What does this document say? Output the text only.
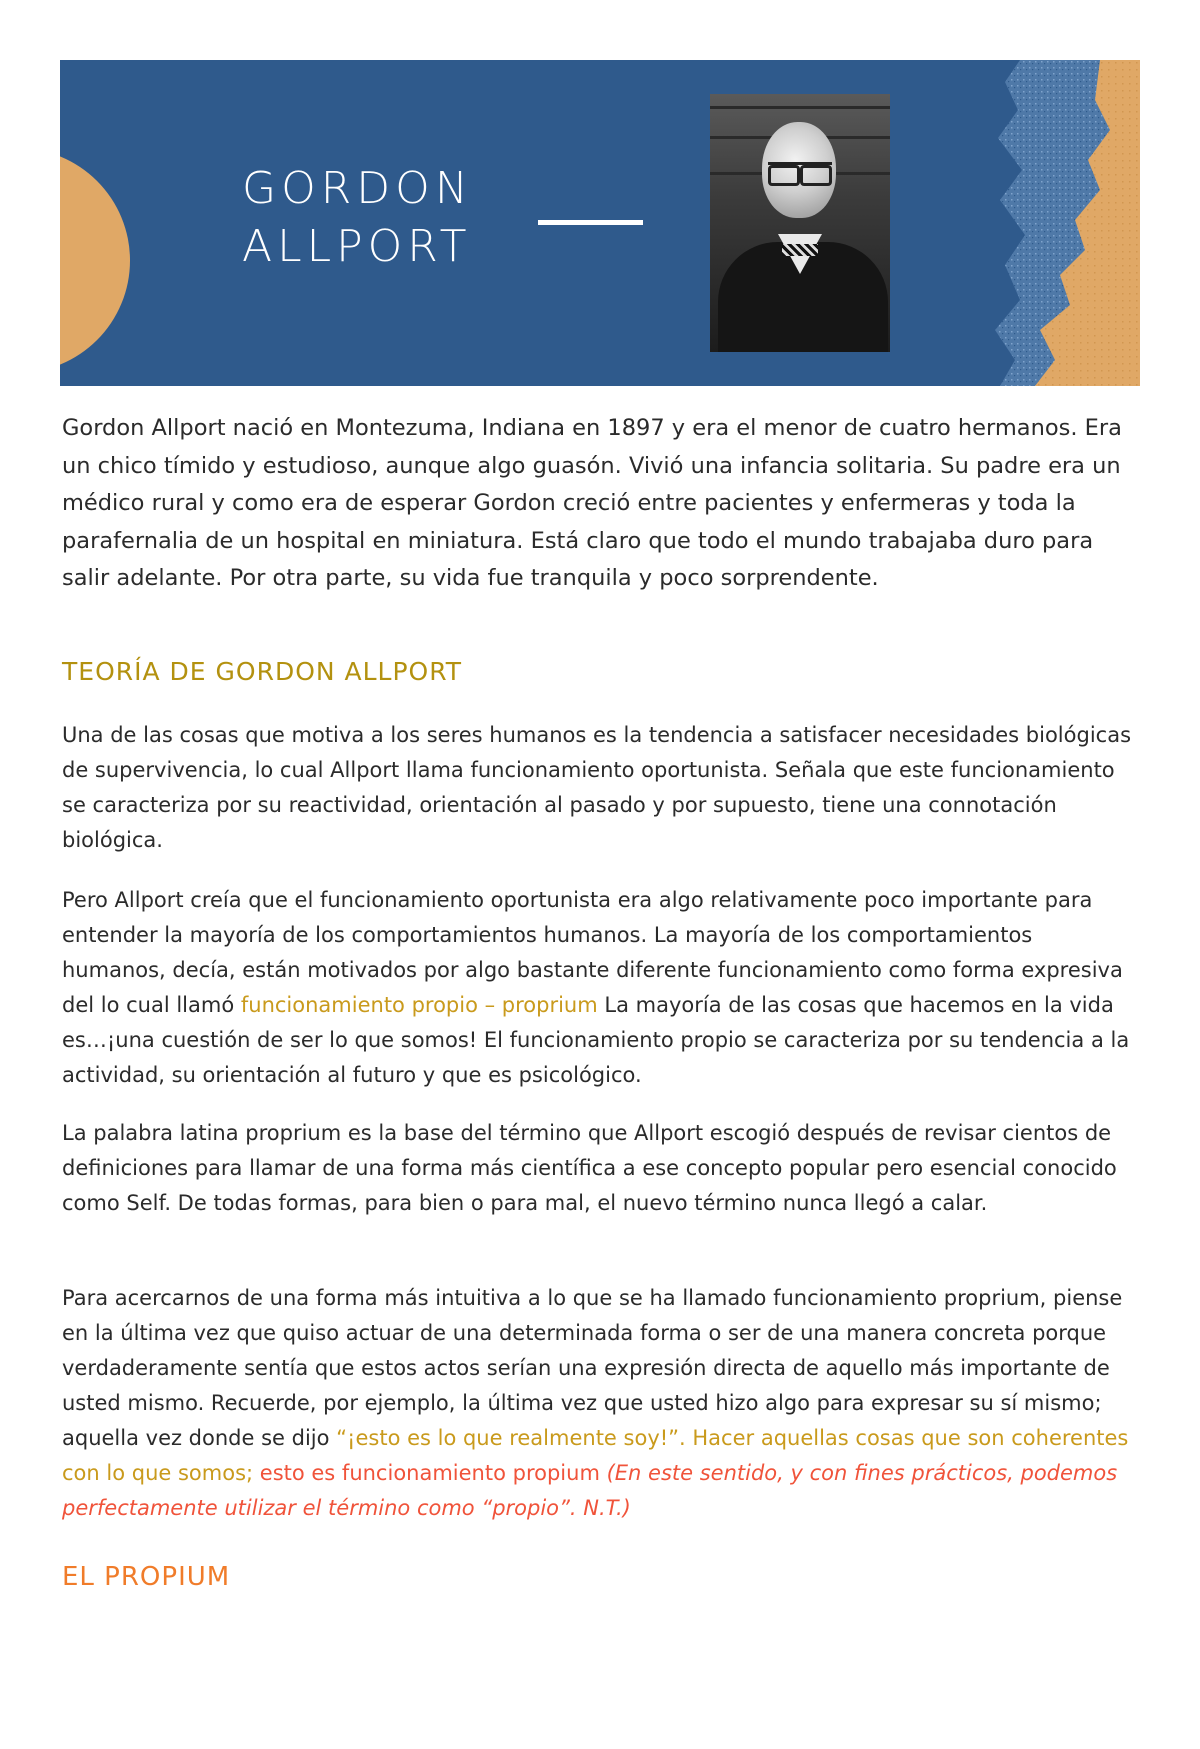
GORDON
ALLPORT

Gordon Allport nació en Montezuma, Indiana en 1897 y era el menor de cuatro hermanos. Era un chico tímido y estudioso, aunque algo guasón. Vivió una infancia solitaria. Su padre era un médico rural y como era de esperar Gordon creció entre pacientes y enfermeras y toda la parafernalia de un hospital en miniatura. Está claro que todo el mundo trabajaba duro para salir adelante. Por otra parte, su vida fue tranquila y poco sorprendente.

TEORÍA DE GORDON ALLPORT

Una de las cosas que motiva a los seres humanos es la tendencia a satisfacer necesidades biológicas de supervivencia, lo cual Allport llama funcionamiento oportunista. Señala que este funcionamiento se caracteriza por su reactividad, orientación al pasado y por supuesto, tiene una connotación biológica.

Pero Allport creía que el funcionamiento oportunista era algo relativamente poco importante para entender la mayoría de los comportamientos humanos. La mayoría de los comportamientos humanos, decía, están motivados por algo bastante diferente funcionamiento como forma expresiva del lo cual llamó funcionamiento propio – proprium La mayoría de las cosas que hacemos en la vida es…¡una cuestión de ser lo que somos! El funcionamiento propio se caracteriza por su tendencia a la actividad, su orientación al futuro y que es psicológico.

La palabra latina proprium es la base del término que Allport escogió después de revisar cientos de definiciones para llamar de una forma más científica a ese concepto popular pero esencial conocido como Self. De todas formas, para bien o para mal, el nuevo término nunca llegó a calar.

Para acercarnos de una forma más intuitiva a lo que se ha llamado funcionamiento proprium, piense en la última vez que quiso actuar de una determinada forma o ser de una manera concreta porque verdaderamente sentía que estos actos serían una expresión directa de aquello más importante de usted mismo. Recuerde, por ejemplo, la última vez que usted hizo algo para expresar su sí mismo; aquella vez donde se dijo “¡esto es lo que realmente soy!”. Hacer aquellas cosas que son coherentes con lo que somos; esto es funcionamiento propium (En este sentido, y con fines prácticos, podemos perfectamente utilizar el término como “propio”. N.T.)

EL PROPIUM
